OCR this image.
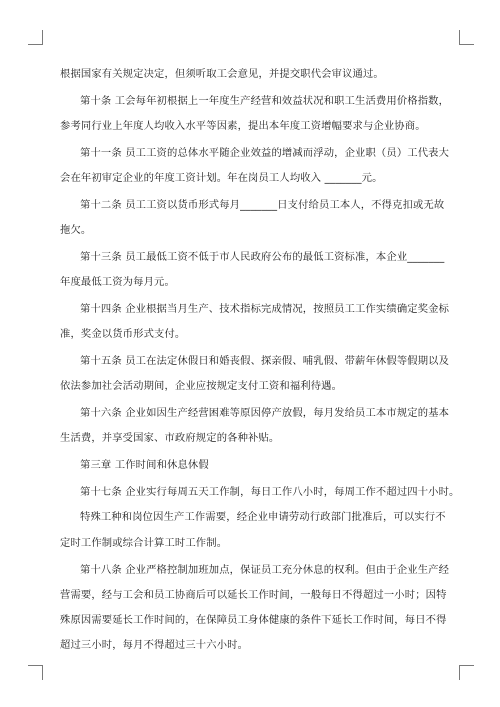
根据国家有关规定决定，但须听取工会意见，并提交职代会审议通过。
第十条 工会每年初根据上一年度生产经营和效益状况和职工生活费用价格指数，
参考同行业上年度人均收入水平等因素，提出本年度工资增幅要求与企业协商。
第十一条 员工工资的总体水平随企业效益的增减而浮动，企业职（员）工代表大
会在年初审定企业的年度工资计划。年在岗员工人均收入 _______元。
第十二条 员工工资以货币形式每月_______日支付给员工本人，不得克扣或无故
拖欠。
第十三条 员工最低工资不低于市人民政府公布的最低工资标准，本企业_______
年度最低工资为每月元。
第十四条 企业根据当月生产、技术指标完成情况，按照员工工作实绩确定奖金标
准，奖金以货币形式支付。
第十五条 员工在法定休假日和婚丧假、探亲假、哺乳假、带薪年休假等假期以及
依法参加社会活动期间，企业应按规定支付工资和福利待遇。
第十六条 企业如因生产经营困难等原因停产放假，每月发给员工本市规定的基本
生活费，并享受国家、市政府规定的各种补贴。
第三章 工作时间和休息休假
第十七条 企业实行每周五天工作制，每日工作八小时，每周工作不超过四十小时。
特殊工种和岗位因生产工作需要，经企业申请劳动行政部门批准后，可以实行不
定时工作制或综合计算工时工作制。
第十八条 企业严格控制加班加点，保证员工充分休息的权利。但由于企业生产经
营需要，经与工会和员工协商后可以延长工作时间，一般每日不得超过一小时；因特
殊原因需要延长工作时间的，在保障员工身体健康的条件下延长工作时间，每日不得
超过三小时，每月不得超过三十六小时。
